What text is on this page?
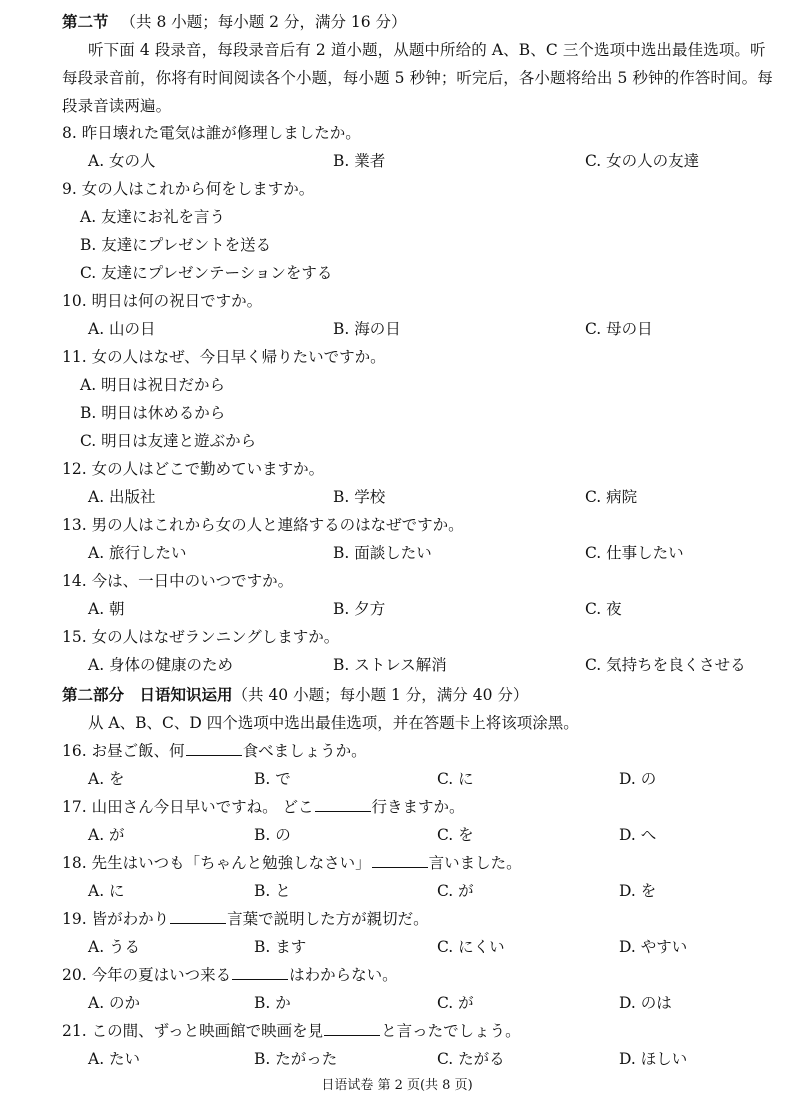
第二节 （共 8 小题；每小题 2 分，满分 16 分）
听下面 4 段录音，每段录音后有 2 道小题，从题中所给的 A、B、C 三个选项中选出最佳选项。听每段录音前，你将有时间阅读各个小题，每小题 5 秒钟；听完后，各小题将给出 5 秒钟的作答时间。每段录音读两遍。
8. 昨日壊れた電気は誰が修理しましたか。
A. 女の人	B. 業者	C. 女の人の友達
9. 女の人はこれから何をしますか。
A. 友達にお礼を言う
B. 友達にプレゼントを送る
C. 友達にプレゼンテーションをする
10. 明日は何の祝日ですか。
A. 山の日	B. 海の日	C. 母の日
11. 女の人はなぜ、今日早く帰りたいですか。
A. 明日は祝日だから
B. 明日は休めるから
C. 明日は友達と遊ぶから
12. 女の人はどこで勤めていますか。
A. 出版社	B. 学校	C. 病院
13. 男の人はこれから女の人と連絡するのはなぜですか。
A. 旅行したい	B. 面談したい	C. 仕事したい
14. 今は、一日中のいつですか。
A. 朝	B. 夕方	C. 夜
15. 女の人はなぜランニングしますか。
A. 身体の健康のため	B. ストレス解消	C. 気持ちを良くさせる
第二部分　日语知识运用（共 40 小题；每小题 1 分，满分 40 分）
从 A、B、C、D 四个选项中选出最佳选项，并在答题卡上将该项涂黑。
16. お昼ご飯、何	食べましょうか。
A. を	B. で	C. に	D. の
17. 山田さん今日早いですね。 どこ	行きますか。
A. が	B. の	C. を	D. へ
18. 先生はいつも「ちゃんと勉強しなさい」	言いました。
A. に	B. と	C. が	D. を
19. 皆がわかり	言葉で説明した方が親切だ。
A. うる	B. ます	C. にくい	D. やすい
20. 今年の夏はいつ来る	はわからない。
A. のか	B. か	C. が	D. のは
21. この間、ずっと映画館で映画を見	と言ったでしょう。
A. たい	B. たがった	C. たがる	D. ほしい
日语试卷 第 2 页(共 8 页)
